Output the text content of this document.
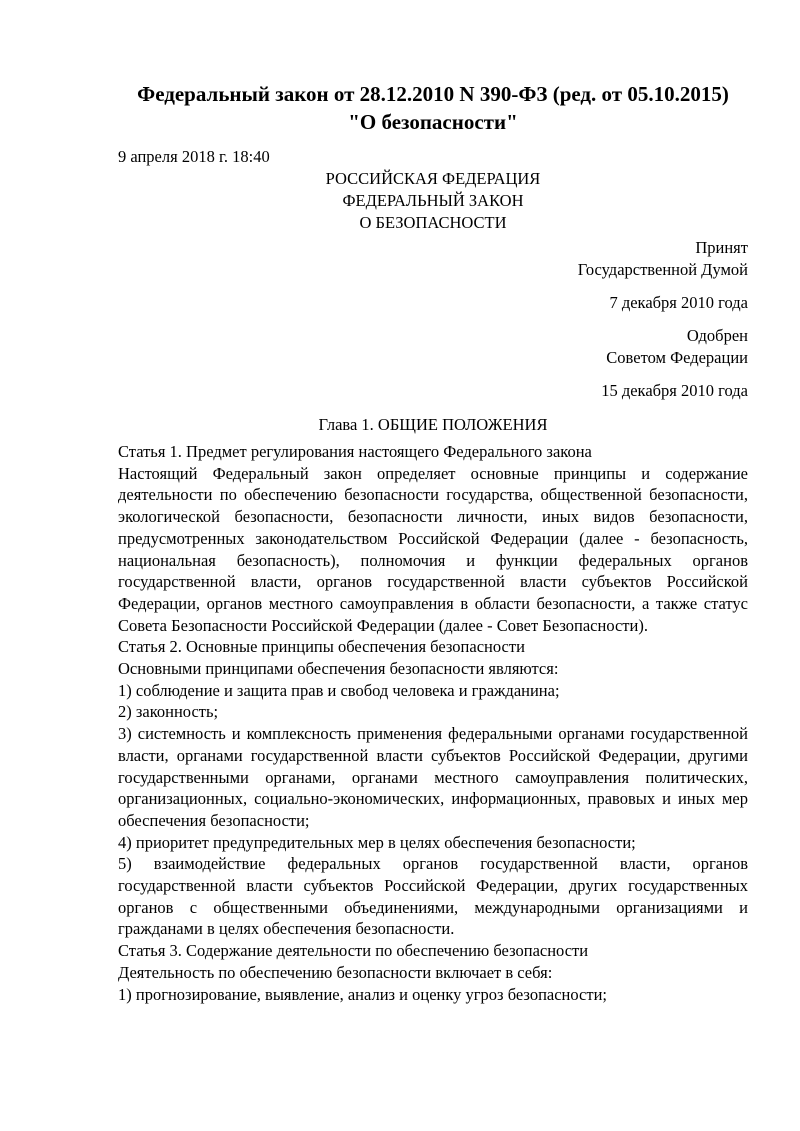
Федеральный закон от 28.12.2010 N 390-ФЗ (ред. от 05.10.2015)
"О безопасности"
9 апреля 2018 г. 18:40
РОССИЙСКАЯ ФЕДЕРАЦИЯ
ФЕДЕРАЛЬНЫЙ ЗАКОН
О БЕЗОПАСНОСТИ
Принят
Государственной Думой
7 декабря 2010 года
Одобрен
Советом Федерации
15 декабря 2010 года
Глава 1. ОБЩИЕ ПОЛОЖЕНИЯ
Статья 1. Предмет регулирования настоящего Федерального закона
Настоящий Федеральный закон определяет основные принципы и содержание
деятельности по обеспечению безопасности государства, общественной безопасности,
экологической безопасности, безопасности личности, иных видов безопасности,
предусмотренных законодательством Российской Федерации (далее - безопасность,
национальная безопасность), полномочия и функции федеральных органов
государственной власти, органов государственной власти субъектов Российской
Федерации, органов местного самоуправления в области безопасности, а также статус
Совета Безопасности Российской Федерации (далее - Совет Безопасности).
Статья 2. Основные принципы обеспечения безопасности
Основными принципами обеспечения безопасности являются:
1) соблюдение и защита прав и свобод человека и гражданина;
2) законность;
3) системность и комплексность применения федеральными органами государственной
власти, органами государственной власти субъектов Российской Федерации, другими
государственными органами, органами местного самоуправления политических,
организационных, социально-экономических, информационных, правовых и иных мер
обеспечения безопасности;
4) приоритет предупредительных мер в целях обеспечения безопасности;
5) взаимодействие федеральных органов государственной власти, органов
государственной власти субъектов Российской Федерации, других государственных
органов с общественными объединениями, международными организациями и
гражданами в целях обеспечения безопасности.
Статья 3. Содержание деятельности по обеспечению безопасности
Деятельность по обеспечению безопасности включает в себя:
1) прогнозирование, выявление, анализ и оценку угроз безопасности;
